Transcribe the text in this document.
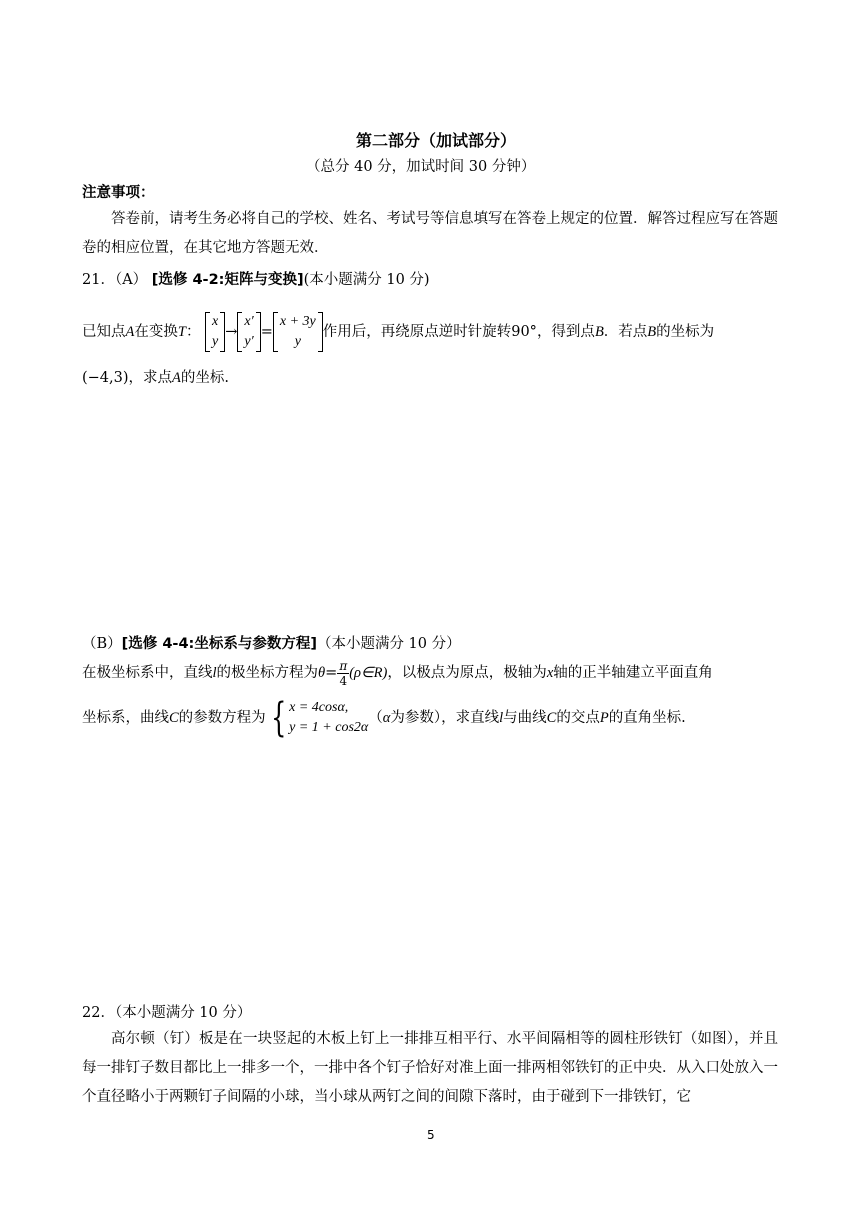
第二部分（加试部分）
（总分 40 分，加试时间 30 分钟）
注意事项：
答卷前，请考生务必将自己的学校、姓名、考试号等信息填写在答卷上规定的位置．解答过程应写在答题卷的相应位置，在其它地方答题无效．
21．（A） [选修 4-2:矩阵与变换](本小题满分 10 分)
已知点A在变换T：
x
y
→
x′
y′
=
x + 3y
y
作用后，再绕原点逆时针旋转90°，得到点B．若点B的坐标为
(−4,3)，求点A的坐标.
（B）[选修 4-4:坐标系与参数方程]（本小题满分 10 分）
在极坐标系中，直线l的极坐标方程为$\theta= \frac{\pi}{4}$ (ρ∈R)，以极点为原点，极轴为x轴的正半轴建立平面直角
坐标系，曲线C的参数方程为 { x = 4cosα,
y = 1 + cos2α
（α为参数），求直线l与曲线C的交点P的直角坐标.
22．（本小题满分 10 分）
高尔顿（钉）板是在一块竖起的木板上钉上一排排互相平行、水平间隔相等的圆柱形铁钉（如图），并且每一排钉子数目都比上一排多一个，一排中各个钉子恰好对准上面一排两相邻铁钉的正中央．从入口处放入一个直径略小于两颗钉子间隔的小球，当小球从两钉之间的间隙下落时，由于碰到下一排铁钉，它
5
